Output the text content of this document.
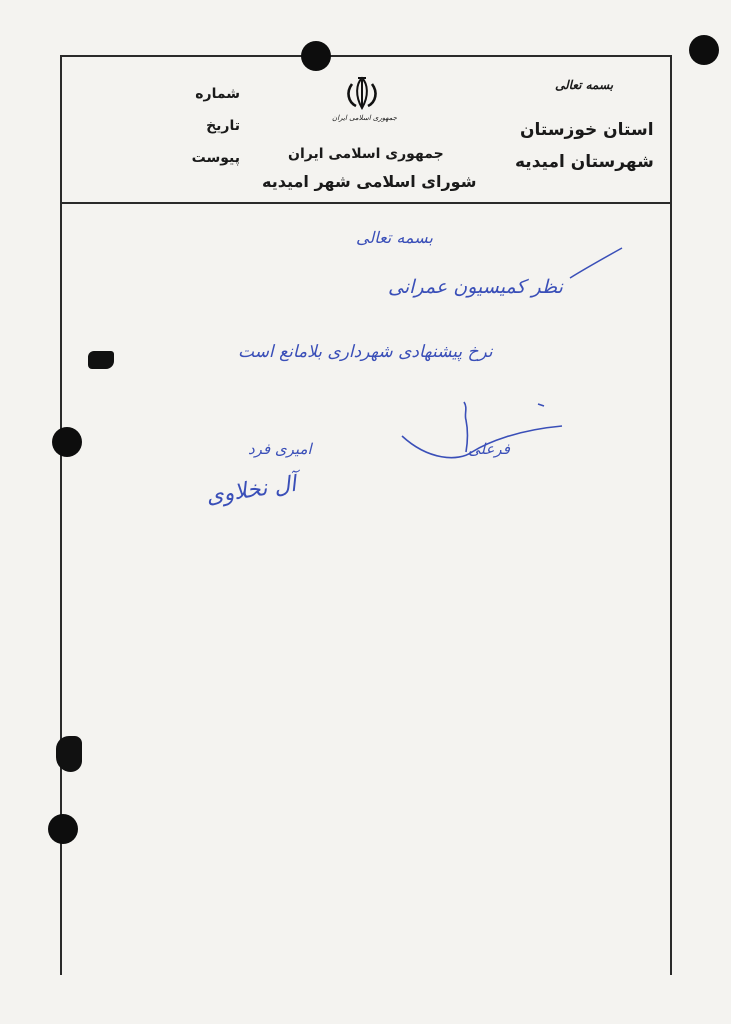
جمهوری اسلامی ایران
بسمه تعالی
جمهوری اسلامی ایران
شورای اسلامی شهر امیدیه
استان خوزستان
شهرستان امیدیه
شماره
تاریخ
پیوست
بسمه تعالی
نظر کمیسیون عمرانی
نرخ پیشنهادی شهرداری بلامانع است
امیری فرد
آل نخلاوی
فرعلی
